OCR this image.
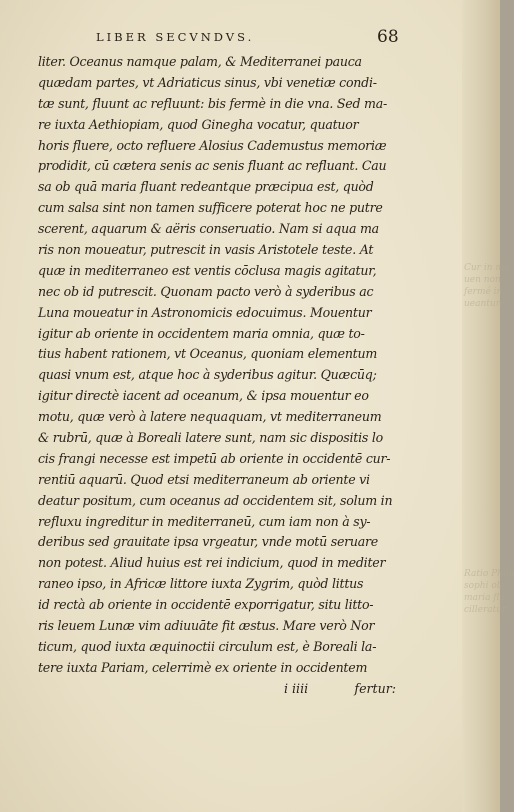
LIBER SECVNDVS.	68
liter. Oceanus namque palam, & Mediterranei pauca
quædam partes, vt Adriaticus sinus, vbi venetiæ condi-
tæ sunt, fluunt ac refluunt: bis fermè in die vna. Sed ma-
re iuxta Aethiopiam, quod Ginegha vocatur, quatuor
horis fluere, octo refluere Alosius Cademustus memoriæ
prodidit, cū cætera senis ac senis fluant ac refluant. Cau
sa ob quā maria fluant redeantque præcipua est, quòd
cum salsa sint non tamen sufficere poterat hoc ne putre
scerent, aquarum & aëris conseruatio. Nam si aqua ma
ris non moueatur, putrescit in vasis Aristotele teste. At
quæ in mediterraneo est ventis cōclusa magis agitatur,
nec ob id putrescit. Quonam pacto verò à syderibus ac
Luna moueatur in Astronomicis edocuimus. Mouentur
igitur ab oriente in occidentem maria omnia, quæ to-
tius habent rationem, vt Oceanus, quoniam elementum
quasi vnum est, atque hoc à syderibus agitur. Quæcūq;
igitur directè iacent ad oceanum, & ipsa mouentur eo
motu, quæ verò à latere nequaquam, vt mediterraneum
& rubrū, quæ à Boreali latere sunt, nam sic dispositis lo
cis frangi necesse est impetū ab oriente in occidentē cur-
rentiū aquarū. Quod etsi mediterraneum ab oriente vi
deatur positum, cum oceanus ad occidentem sit, solum in
refluxu ingreditur in mediterraneū, cum iam non à sy-
deribus sed grauitate ipsa vrgeatur, vnde motū seruare
non potest. Aliud huius est rei indicium, quod in mediter
raneo ipso, in Africæ littore iuxta Zygrim, quòd littus
id rectà ab oriente in occidentē exporrigatur, situ litto-
ris leuem Lunæ vim adiuuāte fit æstus. Mare verò Nor
ticum, quod iuxta æquinoctii circulum est, è Boreali la-
tere iuxta Pariam, celerrimè ex oriente in occidentem
i iiii	fertur:
Cur in ma
uen non
fermé in
ueantur.
Ratio Philo
sophi ob
maria flu
cilleratur.
